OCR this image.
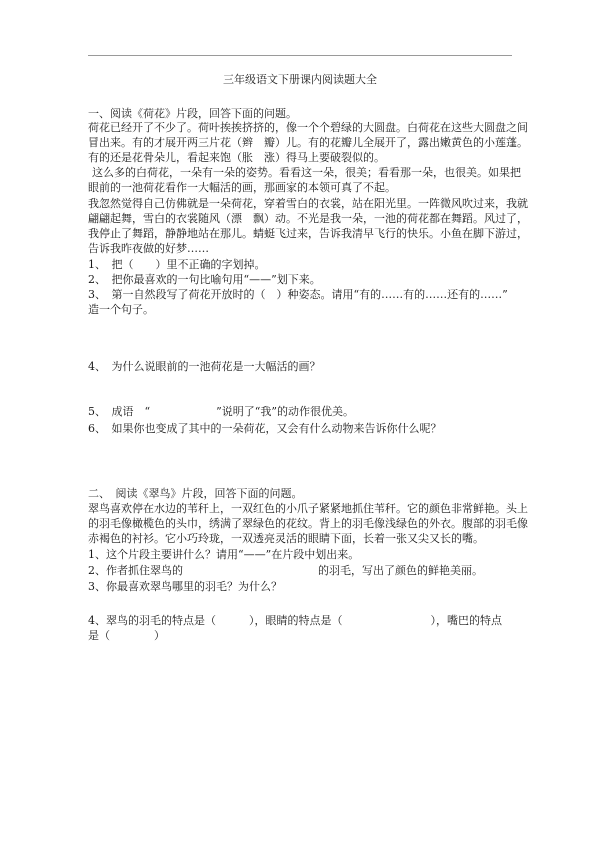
三年级语文下册课内阅读题大全
一、阅读《荷花》片段，回答下面的问题。
荷花已经开了不少了。荷叶挨挨挤挤的，像一个个碧绿的大圆盘。白荷花在这些大圆盘之间
冒出来。有的才展开两三片花（辫　瓣）儿。有的花瓣儿全展开了，露出嫩黄色的小莲蓬。
有的还是花骨朵儿，看起来饱（胀　涨）得马上要破裂似的。
这么多的白荷花，一朵有一朵的姿势。看看这一朵，很美；看看那一朵，也很美。如果把
眼前的一池荷花看作一大幅活的画，那画家的本领可真了不起。
我忽然觉得自己仿佛就是一朵荷花，穿着雪白的衣裳，站在阳光里。一阵微风吹过来，我就
翩翩起舞，雪白的衣裳随风（漂　飘）动。不光是我一朵，一池的荷花都在舞蹈。风过了，
我停止了舞蹈，静静地站在那儿。蜻蜓飞过来，告诉我清早飞行的快乐。小鱼在脚下游过，
告诉我昨夜做的好梦……
1、　把（　　）里不正确的字划掉。
2、　把你最喜欢的一句比喻句用“——”划下来。
3、　第一自然段写了荷花开放时的（　）种姿态。请用“有的……有的……还有的……”
造一个句子。
4、　为什么说眼前的一池荷花是一大幅活的画？
5、　成语　“	”说明了“我”的动作很优美。
6、　如果你也变成了其中的一朵荷花，又会有什么动物来告诉你什么呢？
二、　阅读《翠鸟》片段，回答下面的问题。
翠鸟喜欢停在水边的苇秆上，一双红色的小爪子紧紧地抓住苇秆。它的颜色非常鲜艳。头上
的羽毛像橄榄色的头巾，绣满了翠绿色的花纹。背上的羽毛像浅绿色的外衣。腹部的羽毛像
赤褐色的衬衫。它小巧玲珑，一双透亮灵活的眼睛下面，长着一张又尖又长的嘴。
1、这个片段主要讲什么？请用“——”在片段中划出来。
2、作者抓住翠鸟的	的羽毛，写出了颜色的鲜艳美丽。
3、你最喜欢翠鸟哪里的羽毛？为什么？
4、翠鸟的羽毛的特点是（　　　），眼睛的特点是（　　　　　　　　），嘴巴的特点
是（　　　　）
